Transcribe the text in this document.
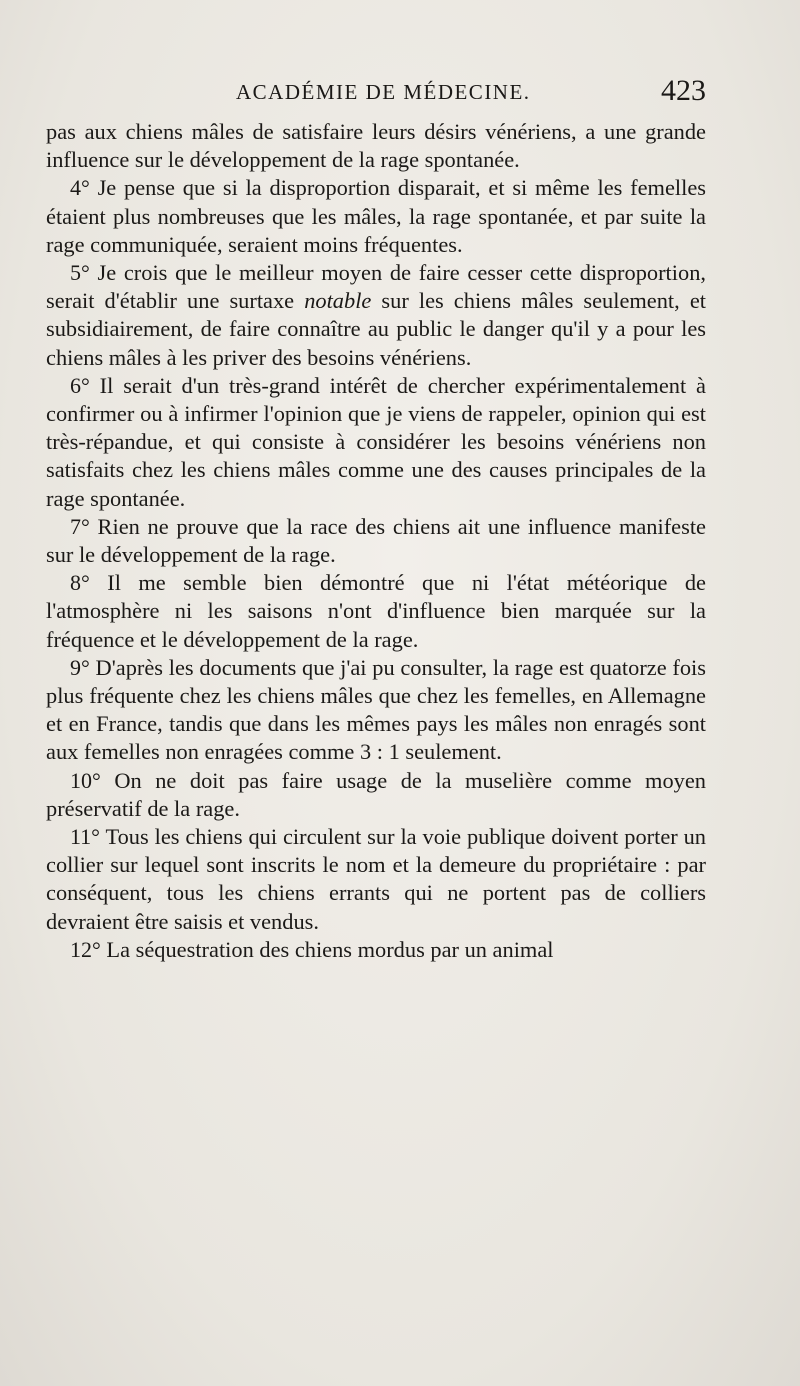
ACADÉMIE DE MÉDECINE.	423

pas aux chiens mâles de satisfaire leurs désirs vénériens, a une grande influence sur le développement de la rage spontanée.

4° Je pense que si la disproportion disparait, et si même les femelles étaient plus nombreuses que les mâles, la rage spontanée, et par suite la rage communiquée, seraient moins fréquentes.

5° Je crois que le meilleur moyen de faire cesser cette disproportion, serait d'établir une surtaxe notable sur les chiens mâles seulement, et subsidiairement, de faire connaître au public le danger qu'il y a pour les chiens mâles à les priver des besoins vénériens.

6° Il serait d'un très-grand intérêt de chercher expérimentalement à confirmer ou à infirmer l'opinion que je viens de rappeler, opinion qui est très-répandue, et qui consiste à considérer les besoins vénériens non satisfaits chez les chiens mâles comme une des causes principales de la rage spontanée.

7° Rien ne prouve que la race des chiens ait une influence manifeste sur le développement de la rage.

8° Il me semble bien démontré que ni l'état météorique de l'atmosphère ni les saisons n'ont d'influence bien marquée sur la fréquence et le développement de la rage.

9° D'après les documents que j'ai pu consulter, la rage est quatorze fois plus fréquente chez les chiens mâles que chez les femelles, en Allemagne et en France, tandis que dans les mêmes pays les mâles non enragés sont aux femelles non enragées comme 3 : 1 seulement.

10° On ne doit pas faire usage de la muselière comme moyen préservatif de la rage.

11° Tous les chiens qui circulent sur la voie publique doivent porter un collier sur lequel sont inscrits le nom et la demeure du propriétaire : par conséquent, tous les chiens errants qui ne portent pas de colliers devraient être saisis et vendus.

12° La séquestration des chiens mordus par un animal
